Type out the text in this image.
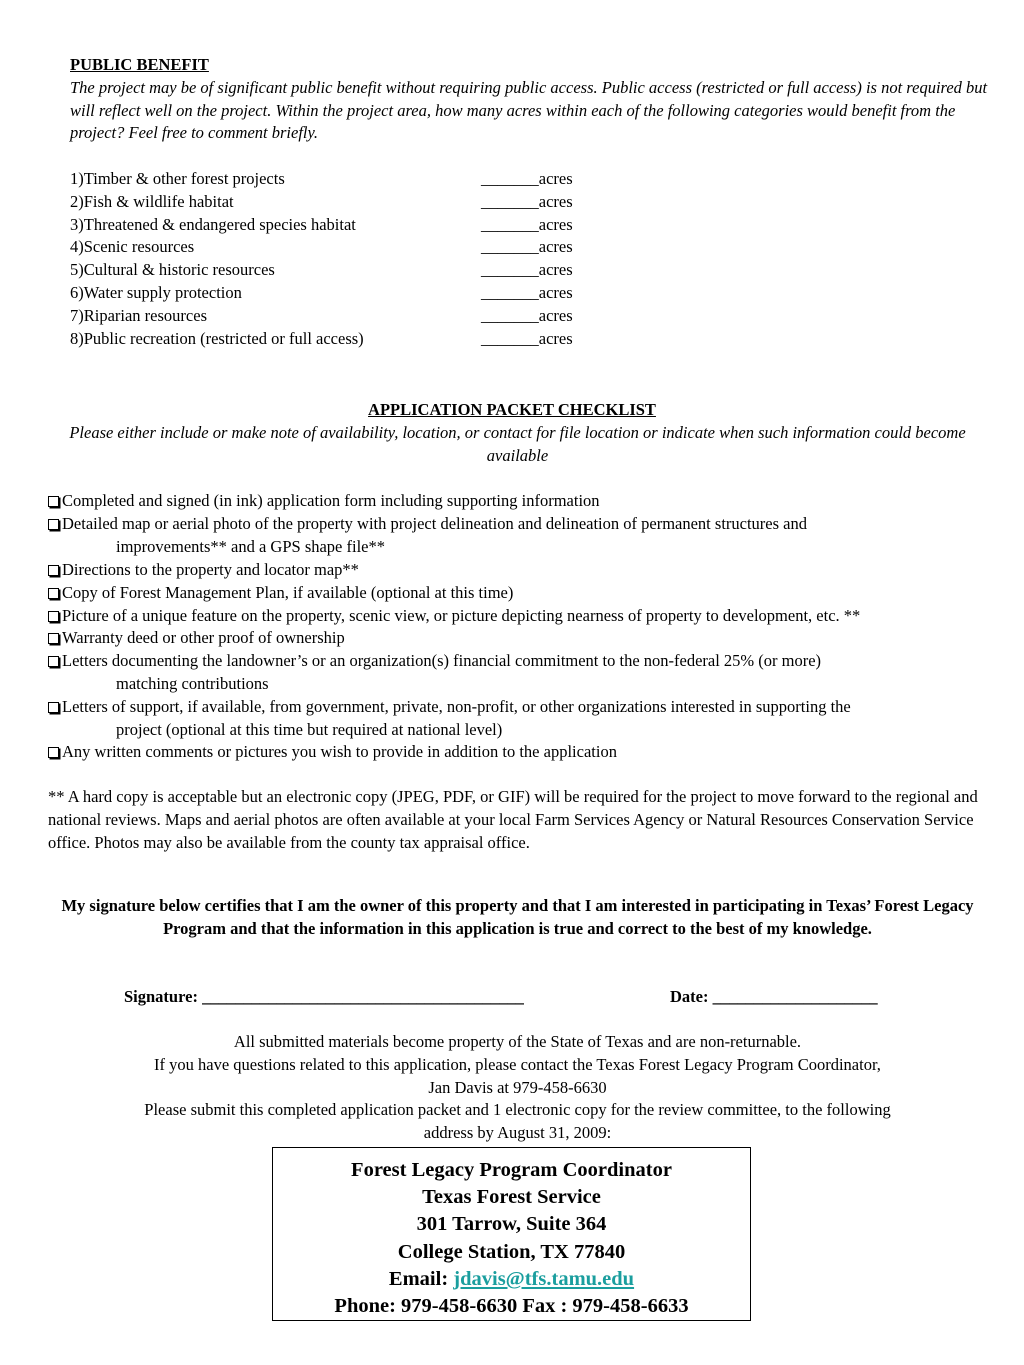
PUBLIC BENEFIT

The project may be of significant public benefit without requiring public access. Public access (restricted or full access) is not required but will reflect well on the project. Within the project area, how many acres within each of the following categories would benefit from the project? Feel free to comment briefly.

1)Timber & other forest projects	_______acres
2)Fish & wildlife habitat	_______acres
3)Threatened & endangered species habitat	_______acres
4)Scenic resources	_______acres
5)Cultural & historic resources	_______acres
6)Water supply protection	_______acres
7)Riparian resources	_______acres
8)Public recreation (restricted or full access)	_______acres
APPLICATION PACKET CHECKLIST
Please either include or make note of availability, location, or contact for file location or indicate when such information could become available
Completed and signed (in ink) application form including supporting information
Detailed map or aerial photo of the property with project delineation and delineation of permanent structures and
improvements** and a GPS shape file**
Directions to the property and locator map**
Copy of Forest Management Plan, if available (optional at this time)
Picture of a unique feature on the property, scenic view, or picture depicting nearness of property to development, etc. **
Warranty deed or other proof of ownership
Letters documenting the landowner’s or an organization(s) financial commitment to the non-federal 25% (or more)
matching contributions
Letters of support, if available, from government, private, non-profit, or other organizations interested in supporting the
project (optional at this time but required at national level)
Any written comments or pictures you wish to provide in addition to the application
** A hard copy is acceptable but an electronic copy (JPEG, PDF, or GIF) will be required for the project to move forward to the regional and national reviews. Maps and aerial photos are often available at your local Farm Services Agency or Natural Resources Conservation Service office. Photos may also be available from the county tax appraisal office.
My signature below certifies that I am the owner of this property and that I am interested in participating in Texas’ Forest Legacy Program and that the information in this application is true and correct to the best of my knowledge.
Signature: _______________________________________	Date: ____________________
All submitted materials become property of the State of Texas and are non-returnable.
If you have questions related to this application, please contact the Texas Forest Legacy Program Coordinator,
Jan Davis at 979-458-6630
Please submit this completed application packet and 1 electronic copy for the review committee, to the following
address by August 31, 2009:
Forest Legacy Program Coordinator
Texas Forest Service
301 Tarrow, Suite 364
College Station, TX 77840
Email: jdavis@tfs.tamu.edu
Phone: 979-458-6630 Fax : 979-458-6633
